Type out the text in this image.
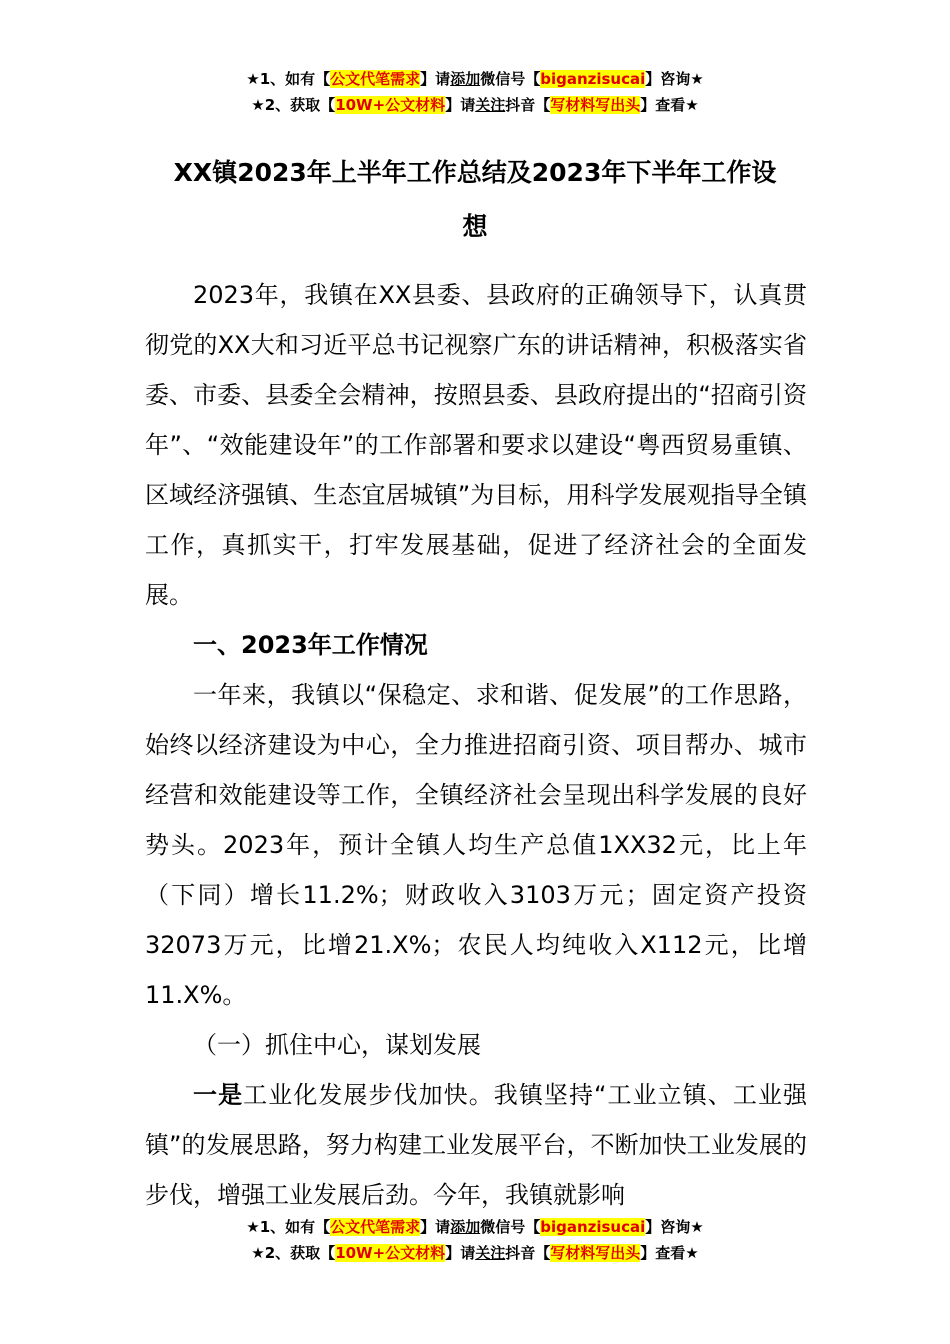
★1、如有【公文代笔需求】请添加微信号【biganzisucai】咨询★
★2、获取【10W+公文材料】请关注抖音【写材料写出头】查看★
XX镇2023年上半年工作总结及2023年下半年工作设
想

2023年，我镇在XX县委、县政府的正确领导下，认真贯彻党的XX大和习近平总书记视察广东的讲话精神，积极落实省委、市委、县委全会精神，按照县委、县政府提出的“招商引资年”、“效能建设年”的工作部署和要求以建设“粤西贸易重镇、区域经济强镇、生态宜居城镇”为目标，用科学发展观指导全镇工作，真抓实干，打牢发展基础，促进了经济社会的全面发展。

一、2023年工作情况

一年来，我镇以“保稳定、求和谐、促发展”的工作思路，始终以经济建设为中心，全力推进招商引资、项目帮办、城市经营和效能建设等工作，全镇经济社会呈现出科学发展的良好势头。2023年，预计全镇人均生产总值1XX32元，比上年（下同）增长11.2%；财政收入3103万元；固定资产投资32073万元，比增21.X%；农民人均纯收入X112元，比增11.X%。

（一）抓住中心，谋划发展

一是工业化发展步伐加快。我镇坚持“工业立镇、工业强镇”的发展思路，努力构建工业发展平台，不断加快工业发展的步伐，增强工业发展后劲。今年，我镇就影响

★1、如有【公文代笔需求】请添加微信号【biganzisucai】咨询★
★2、获取【10W+公文材料】请关注抖音【写材料写出头】查看★
